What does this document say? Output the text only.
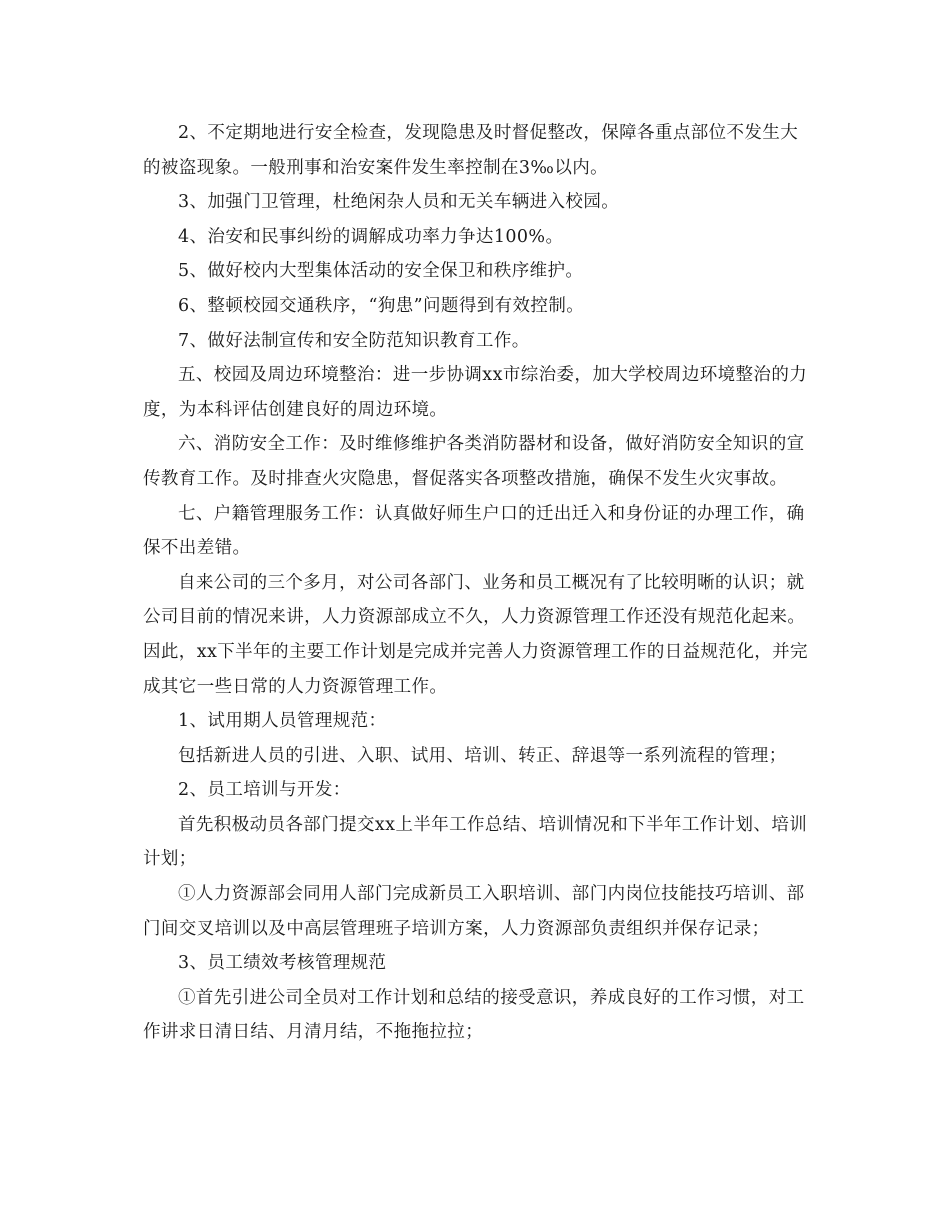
2、不定期地进行安全检查，发现隐患及时督促整改，保障各重点部位不发生大的被盗现象。一般刑事和治安案件发生率控制在3‰以内。

3、加强门卫管理，杜绝闲杂人员和无关车辆进入校园。

4、治安和民事纠纷的调解成功率力争达100%。

5、做好校内大型集体活动的安全保卫和秩序维护。

6、整顿校园交通秩序，“狗患”问题得到有效控制。

7、做好法制宣传和安全防范知识教育工作。

五、校园及周边环境整治：进一步协调xx市综治委，加大学校周边环境整治的力度，为本科评估创建良好的周边环境。

六、消防安全工作：及时维修维护各类消防器材和设备，做好消防安全知识的宣传教育工作。及时排查火灾隐患，督促落实各项整改措施，确保不发生火灾事故。

七、户籍管理服务工作：认真做好师生户口的迁出迁入和身份证的办理工作，确保不出差错。

自来公司的三个多月，对公司各部门、业务和员工概况有了比较明晰的认识；就公司目前的情况来讲，人力资源部成立不久，人力资源管理工作还没有规范化起来。因此，xx下半年的主要工作计划是完成并完善人力资源管理工作的日益规范化，并完成其它一些日常的人力资源管理工作。

1、试用期人员管理规范：

包括新进人员的引进、入职、试用、培训、转正、辞退等一系列流程的管理；

2、员工培训与开发：

首先积极动员各部门提交xx上半年工作总结、培训情况和下半年工作计划、培训计划；

①人力资源部会同用人部门完成新员工入职培训、部门内岗位技能技巧培训、部门间交叉培训以及中高层管理班子培训方案，人力资源部负责组织并保存记录；

3、员工绩效考核管理规范

①首先引进公司全员对工作计划和总结的接受意识，养成良好的工作习惯，对工作讲求日清日结、月清月结，不拖拖拉拉；
